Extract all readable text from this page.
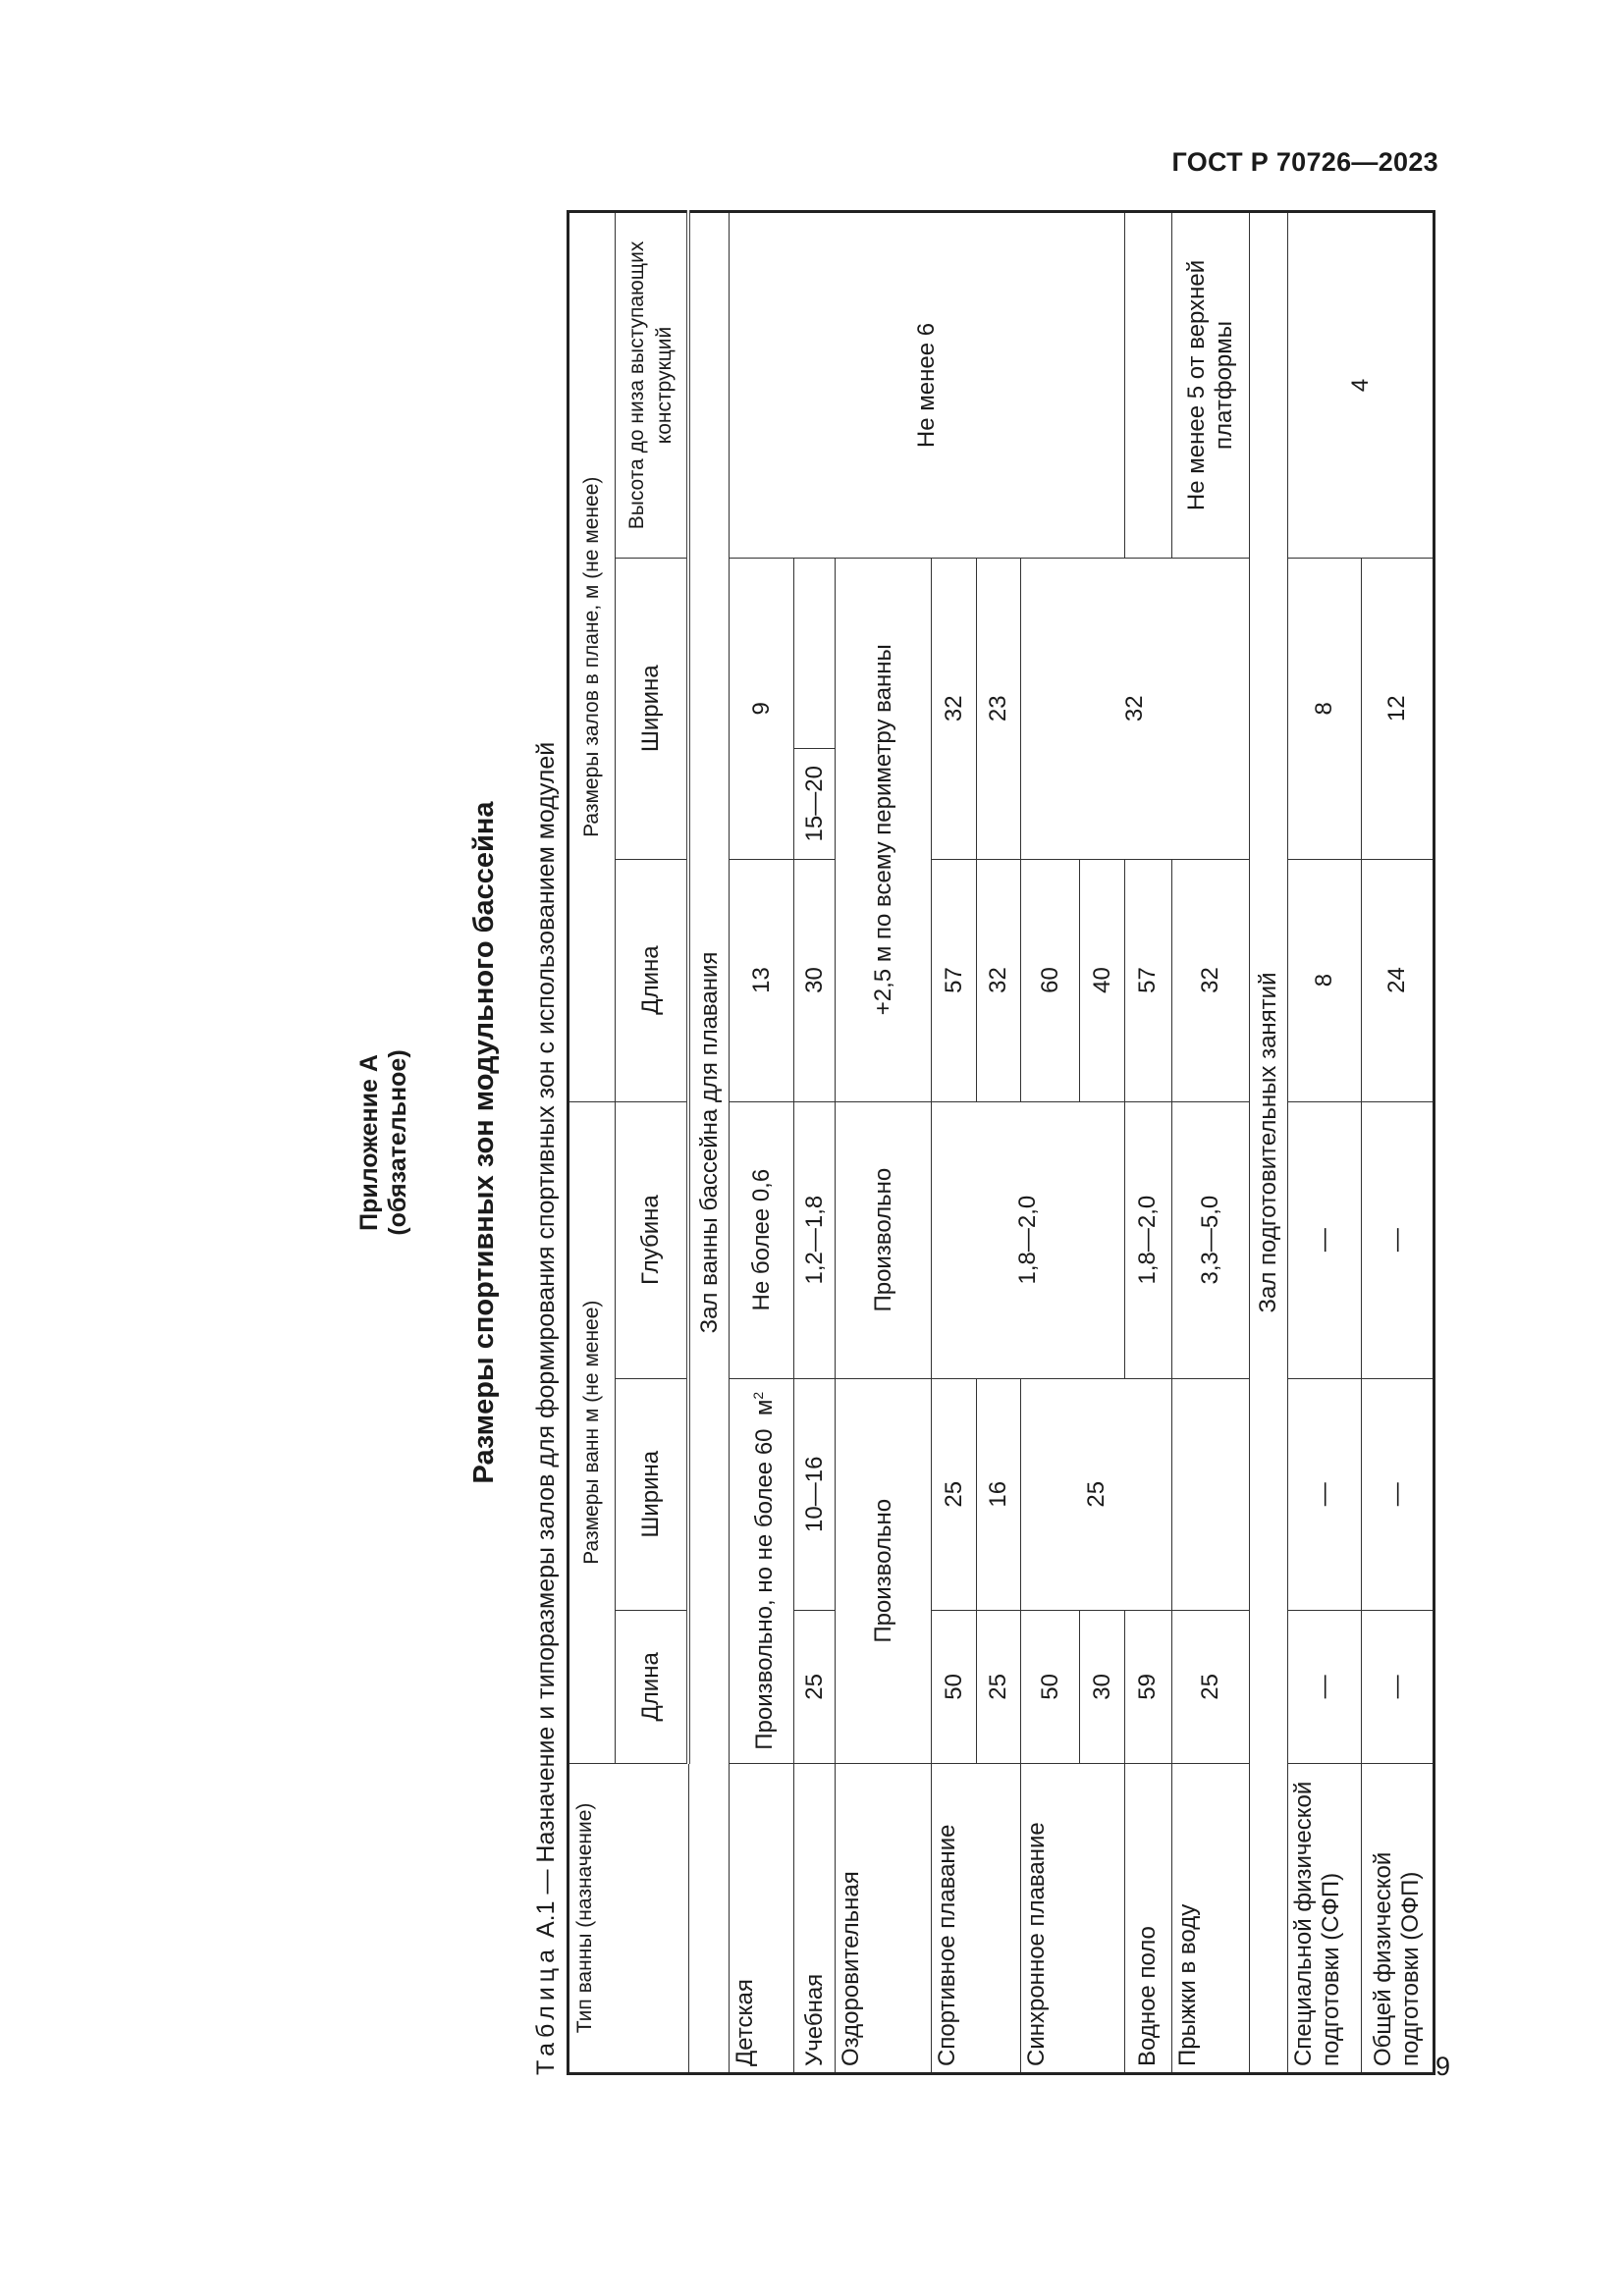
ГОСТ Р 70726—2023
9
Приложение А (обязательное) Размеры спортивных зон модульного бассейна
Таблица А.1 — Назначение и типоразмеры залов для формирования спортивных зон с использованием модулей
Тип ванны (назначение)	Размеры ванн м (не менее)			Размеры залов в плане, м (не менее)			
	Длина	Ширина	Глубина	Длина	Ширина		Высота до низа выступающих конструкций
Зал ванны бассейна для плавания							
Детская	Произвольно, но не более 60  $м^2$		Не более 0,6	13	9		Не менее 6
Учебная	25	10—16	1,2—1,8	30	15—20		
Оздоровительная	Произвольно		Произвольно	+2,5 м по всему периметру ванны			
Спортивное плавание	50	25	1,8—2,0	57	32		
	25	16		32	23		
Синхронное плавание	50	25		60	32		
	30			40			
Водное поло	59		1,8—2,0	57			
Прыжки в воду	25		3,3—5,0	32			Не менее 5 от верхней платформы
Зал подготовительных занятий							
Специальной физической подготовки (СФП)	—	—	—	8	8		4
Общей физической подготовки (ОФП)	—	—	—	24	12		
